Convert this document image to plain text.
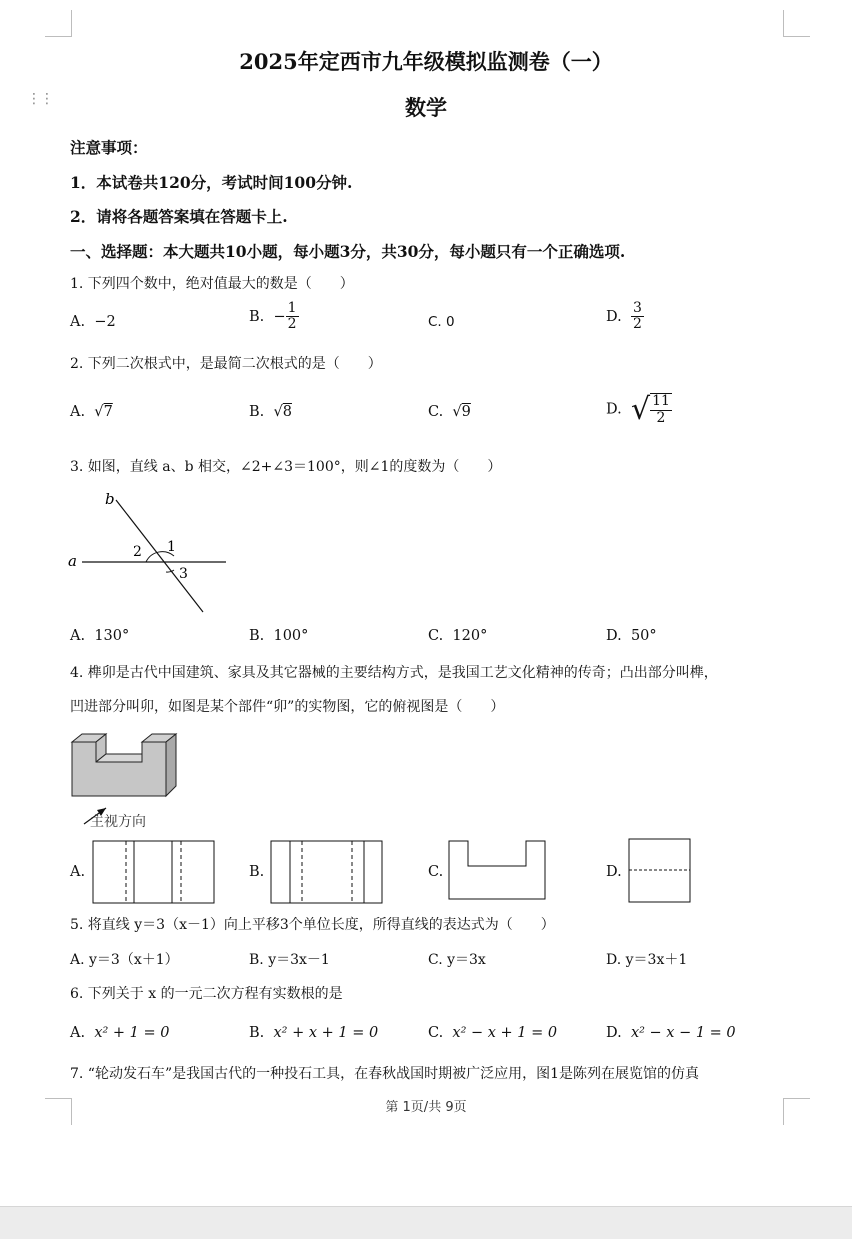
⋮⋮
2025年定西市九年级模拟监测卷（一）
数学
注意事项：
1．本试卷共120分，考试时间100分钟.
2．请将各题答案填在答题卡上.
一、选择题：本大题共10小题，每小题3分，共30分，每小题只有一个正确选项.
1. 下列四个数中，绝对值最大的数是（　　）
A. −2	B. − $\frac{1}{2}$	C. 0	D. $\frac{3}{2}$
2. 下列二次根式中，是最简二次根式的是（　　）
A.  √7	B.  √8	C.  √9	D. √ $\frac{11}{2}$
3. 如图，直线 a、b 相交，∠2+∠3＝100°，则∠1的度数为（　　）
a
b
2 1
3
A. 130°	B. 100°	C. 120°	D. 50°
4. 榫卯是古代中国建筑、家具及其它器械的主要结构方式，是我国工艺文化精神的传奇；凸出部分叫榫，
凹进部分叫卯，如图是某个部件“卯”的实物图，它的俯视图是（　　）
主视方向
A.	B.	C.	D.
5. 将直线 y＝3（x－1）向上平移3个单位长度，所得直线的表达式为（　　）
A. y＝3（x＋1）	B. y＝3x－1	C. y＝3x	D. y＝3x＋1
6. 下列关于 x 的一元二次方程有实数根的是
A. x² + 1 = 0	B. x² + x + 1 = 0	C. x² − x + 1 = 0	D. x² − x − 1 = 0
7. “轮动发石车”是我国古代的一种投石工具，在春秋战国时期被广泛应用，图1是陈列在展览馆的仿真
第 1页/共 9页
